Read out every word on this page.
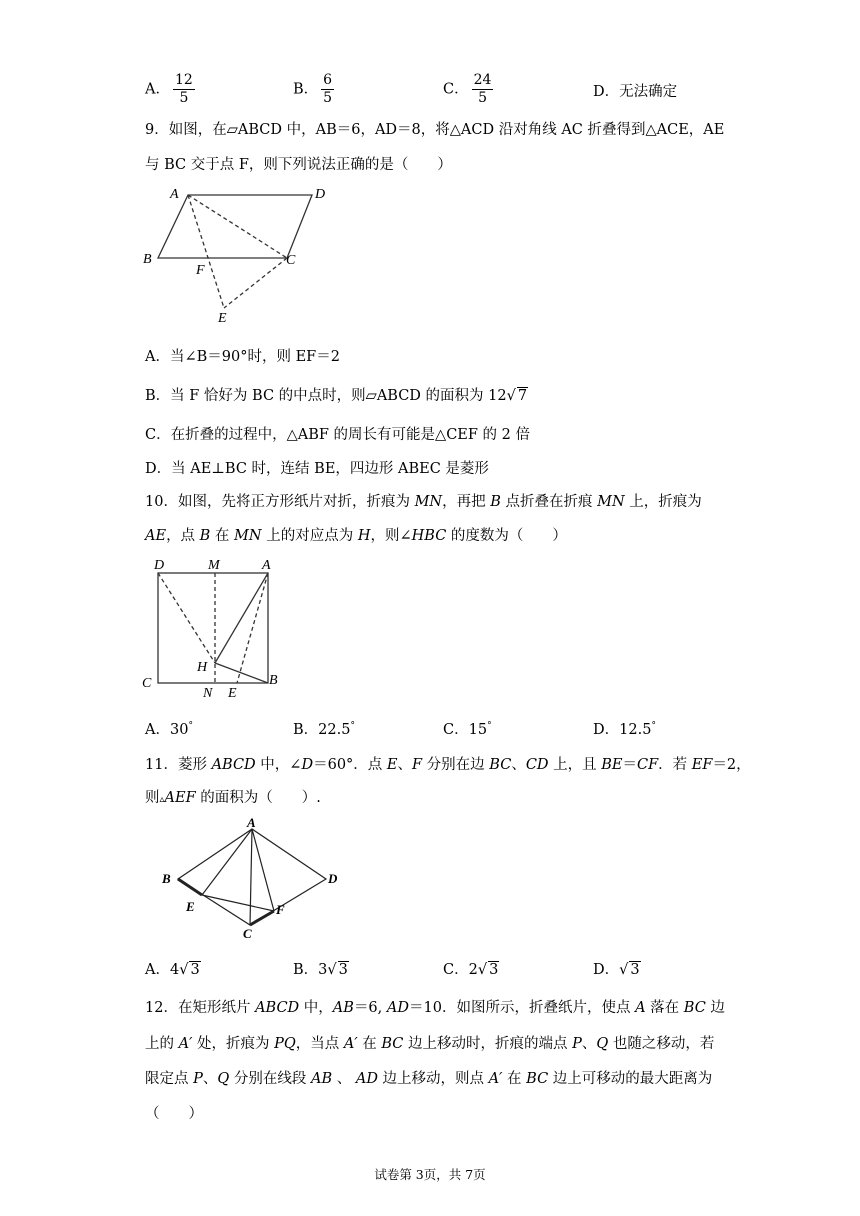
A． $\frac{12}{5}$	B． $\frac{6}{5}$	C． $\frac{24}{5}$	D．无法确定
9．如图，在▱ABCD 中，AB＝6，AD＝8，将△ACD 沿对角线 AC 折叠得到△ACE，AE
与 BC 交于点 F，则下列说法正确的是（　　）
A	D
B
F
C
E
A．当∠B＝90°时，则 EF＝2
B．当 F 恰好为 BC 的中点时，则▱ABCD 的面积为 12√ 7
C．在折叠的过程中，△ABF 的周长有可能是△CEF 的 2 倍
D．当 AE⊥BC 时，连结 BE，四边形 ABEC 是菱形
10．如图，先将正方形纸片对折，折痕为 MN，再把 B 点折叠在折痕 MN 上，折痕为
AE，点 B 在 MN 上的对应点为 H，则∠HBC 的度数为（　　）
D	M	A
H
C
N E
B
A．30°	B．22.5°	C．15°	D．12.5°
11．菱形 ABCD 中，∠D＝60°．点 E、F 分别在边 BC、CD 上，且 BE＝CF．若 EF＝2，
则▵AEF 的面积为（　　）.
A
B	D
E	F
C
A．4√ 3	B．3√ 3	C．2√ 3	D．√ 3
12．在矩形纸片 ABCD 中，AB＝6, AD＝10．如图所示，折叠纸片，使点 A 落在 BC 边
上的 A′ 处，折痕为 PQ，当点 A′ 在 BC 边上移动时，折痕的端点 P、Q 也随之移动，若
限定点 P、Q 分别在线段 AB 、 AD 边上移动，则点 A′ 在 BC 边上可移动的最大距离为
（　　）
试卷第 3页，共 7页
